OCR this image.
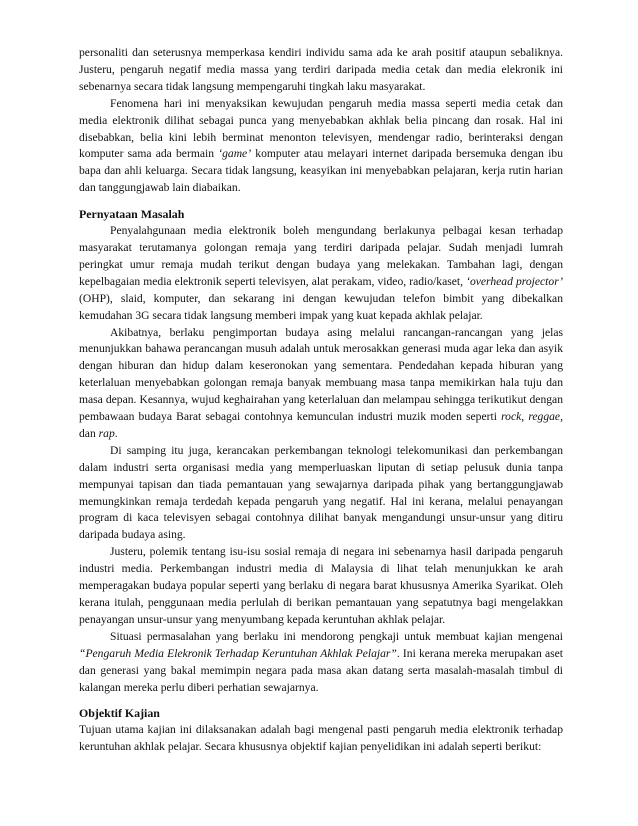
personaliti dan seterusnya memperkasa kendiri individu sama ada ke arah positif ataupun sebaliknya. Justeru, pengaruh negatif media massa yang terdiri daripada media cetak dan media elekronik ini sebenarnya secara tidak langsung mempengaruhi tingkah laku masyarakat.

Fenomena hari ini menyaksikan kewujudan pengaruh media massa seperti media cetak dan media elektronik dilihat sebagai punca yang menyebabkan akhlak belia pincang dan rosak. Hal ini disebabkan, belia kini lebih berminat menonton televisyen, mendengar radio, berinteraksi dengan komputer sama ada bermain ‘game’ komputer atau melayari internet daripada bersemuka dengan ibu bapa dan ahli keluarga. Secara tidak langsung, keasyikan ini menyebabkan pelajaran, kerja rutin harian dan tanggungjawab lain diabaikan.

Pernyataan Masalah

Penyalahgunaan media elektronik boleh mengundang berlakunya pelbagai kesan terhadap masyarakat terutamanya golongan remaja yang terdiri daripada pelajar. Sudah menjadi lumrah peringkat umur remaja mudah terikut dengan budaya yang melekakan. Tambahan lagi, dengan kepelbagaian media elektronik seperti televisyen, alat perakam, video, radio/kaset, ‘overhead projector’ (OHP), slaid, komputer, dan sekarang ini dengan kewujudan telefon bimbit yang dibekalkan kemudahan 3G secara tidak langsung memberi impak yang kuat kepada akhlak pelajar.

Akibatnya, berlaku pengimportan budaya asing melalui rancangan-rancangan yang jelas menunjukkan bahawa perancangan musuh adalah untuk merosakkan generasi muda agar leka dan asyik dengan hiburan dan hidup dalam keseronokan yang sementara. Pendedahan kepada hiburan yang keterlaluan menyebabkan golongan remaja banyak membuang masa tanpa memikirkan hala tuju dan masa depan. Kesannya, wujud keghairahan yang keterlaluan dan melampau sehingga terikutikut dengan pembawaan budaya Barat sebagai contohnya kemunculan industri muzik moden seperti rock, reggae, dan rap.

Di samping itu juga, kerancakan perkembangan teknologi telekomunikasi dan perkembangan dalam industri serta organisasi media yang memperluaskan liputan di setiap pelusuk dunia tanpa mempunyai tapisan dan tiada pemantauan yang sewajarnya daripada pihak yang bertanggungjawab memungkinkan remaja terdedah kepada pengaruh yang negatif. Hal ini kerana, melalui penayangan program di kaca televisyen sebagai contohnya dilihat banyak mengandungi unsur-unsur yang ditiru daripada budaya asing.

Justeru, polemik tentang isu-isu sosial remaja di negara ini sebenarnya hasil daripada pengaruh industri media. Perkembangan industri media di Malaysia di lihat telah menunjukkan ke arah memperagakan budaya popular seperti yang berlaku di negara barat khususnya Amerika Syarikat. Oleh kerana itulah, penggunaan media perlulah di berikan pemantauan yang sepatutnya bagi mengelakkan penayangan unsur-unsur yang menyumbang kepada keruntuhan akhlak pelajar.

Situasi permasalahan yang berlaku ini mendorong pengkaji untuk membuat kajian mengenai “Pengaruh Media Elekronik Terhadap Keruntuhan Akhlak Pelajar”. Ini kerana mereka merupakan aset dan generasi yang bakal memimpin negara pada masa akan datang serta masalah-masalah timbul di kalangan mereka perlu diberi perhatian sewajarnya.

Objektif Kajian

Tujuan utama kajian ini dilaksanakan adalah bagi mengenal pasti pengaruh media elektronik terhadap keruntuhan akhlak pelajar. Secara khususnya objektif kajian penyelidikan ini adalah seperti berikut:
